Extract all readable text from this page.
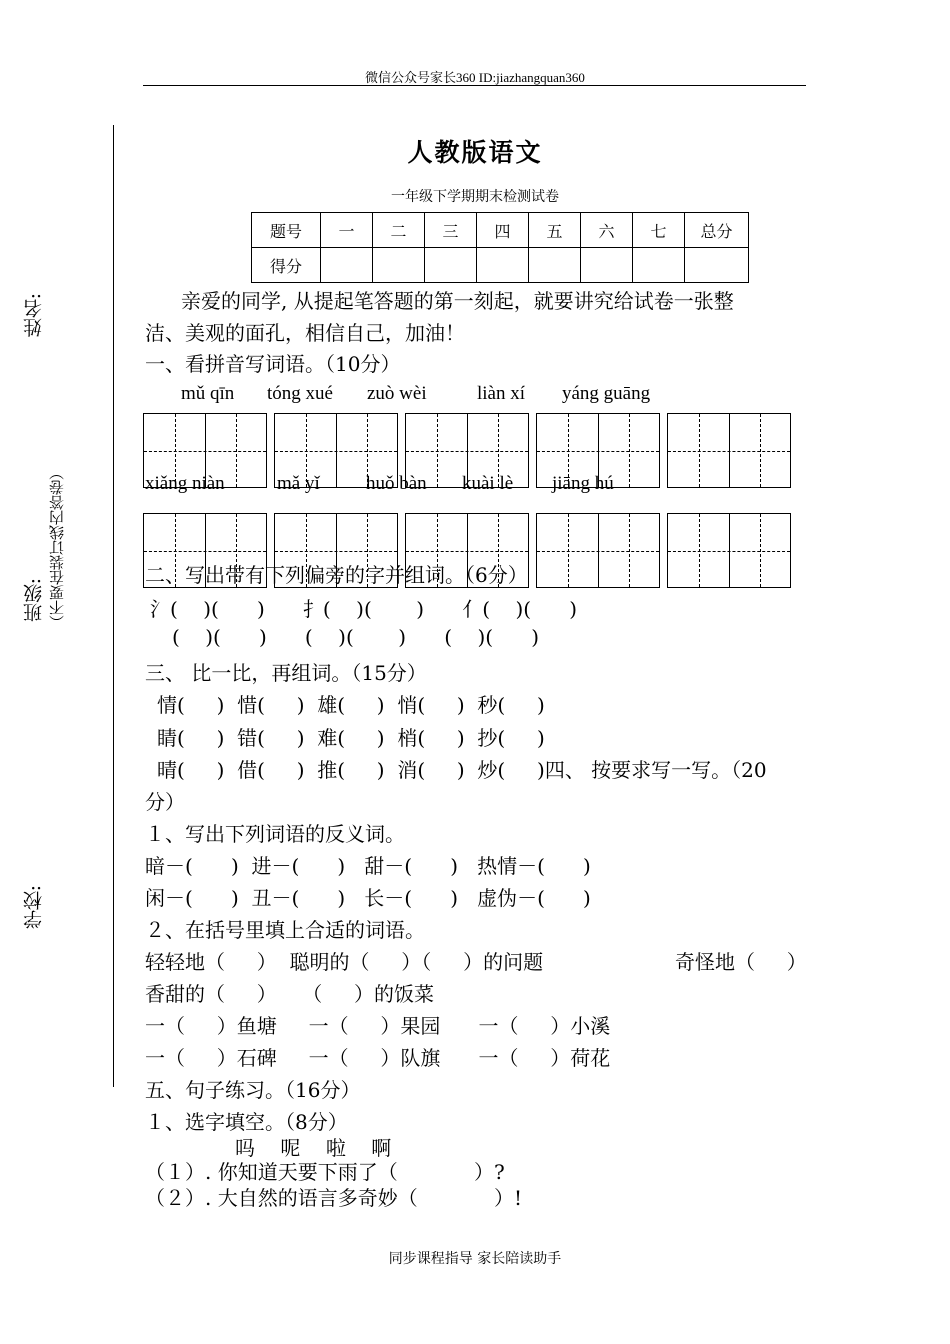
微信公众号家长360 ID:jiazhangquan360
姓名:
班级: （不要在装订线内答卷）
学校:
人教版语文
一年级下学期期末检测试卷
题号	一	二	三	四	五	六	七	总分
得分								
亲爱的同学, 从提起笔答题的第一刻起，就要讲究给试卷一张整
洁、美观的面孔，相信自己，加油！
一、看拼音写词语。（10分）
mǔ qīn tóng xué zuò wèi	liàn xí yáng guāng
xiǎng niàn	mǎ yǐ huǒ bàn kuài lè jiāng hú
二、写出带有下列偏旁的字并组词。（6分）
氵(    )(      )      扌(    )(       )      亻(    )(      )
(    )(      )      (    )(       )      (    )(      )
三、 比一比，再组词。（15分）
情(     )  惜(     )  雄(     )  悄(     )  秒(     )
睛(     )  错(     )  难(     )  梢(     )  抄(     )
晴(     )  借(     )  推(     )  消(     )  炒(     )四、 按要求写一写。（20
分）
１、写出下列词语的反义词。
暗－(      )  进－(      )   甜－(      )   热情－(      )
闲－(      )  丑－(      )   长－(      )   虚伪－(      )
２、在括号里填上合适的词语。
轻轻地（     ）  聪明的（     ）（     ）的问题	奇怪地（     ）
香甜的（     ）    （     ）的饭菜
一（     ）鱼塘     一（     ）果园      一（     ）小溪
一（     ）石碑     一（     ）队旗      一（     ）荷花
五、句子练习。（16分）
１、选字填空。（8分）
吗    呢    啦    啊
（１）. 你知道天要下雨了（            ）?
（２）. 大自然的语言多奇妙（            ）!
同步课程指导 家长陪读助手
